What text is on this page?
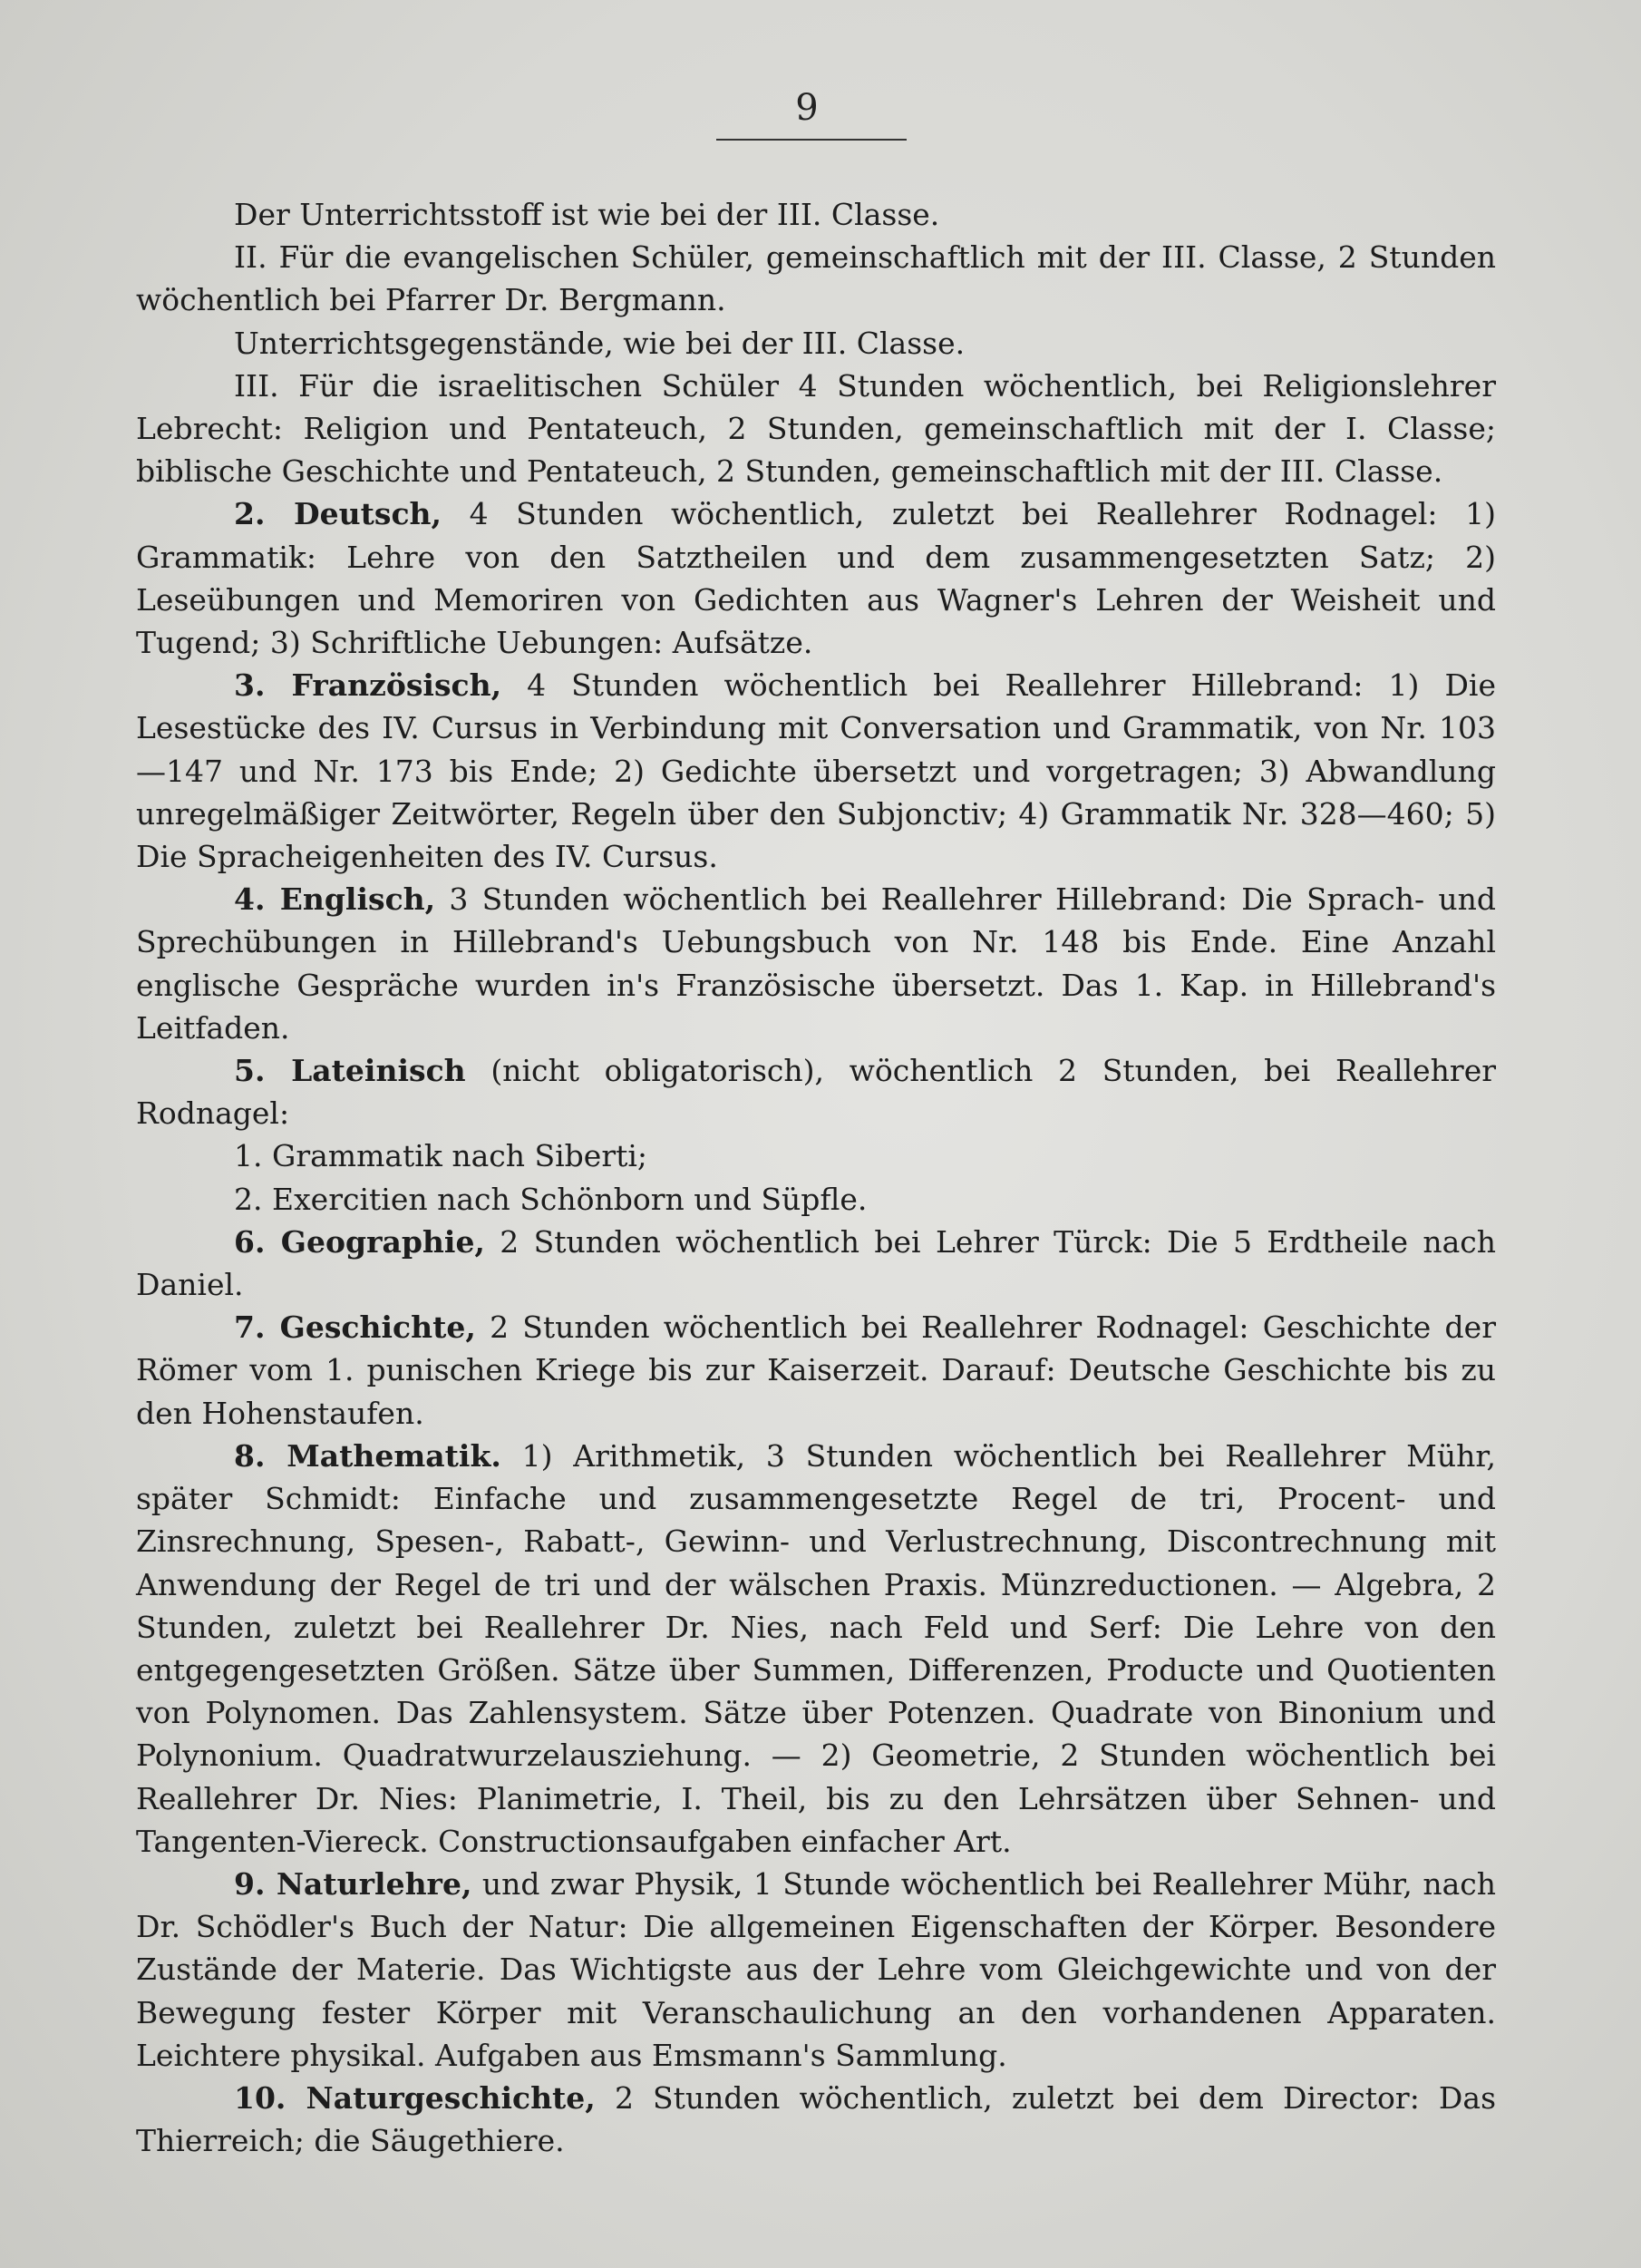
9

Der Unterrichtsstoff ist wie bei der III. Classe.

II. Für die evangelischen Schüler, gemeinschaftlich mit der III. Classe, 2 Stunden wöchentlich bei Pfarrer Dr. Bergmann.

Unterrichtsgegenstände, wie bei der III. Classe.

III. Für die israelitischen Schüler 4 Stunden wöchentlich, bei Religionslehrer Lebrecht: Religion und Pentateuch, 2 Stunden, gemeinschaftlich mit der I. Classe; biblische Geschichte und Pentateuch, 2 Stunden, gemeinschaftlich mit der III. Classe.

2. Deutsch, 4 Stunden wöchentlich, zuletzt bei Reallehrer Rodnagel: 1) Grammatik: Lehre von den Satztheilen und dem zusammengesetzten Satz; 2) Leseübungen und Memoriren von Gedichten aus Wagner's Lehren der Weisheit und Tugend; 3) Schriftliche Uebungen: Aufsätze.

3. Französisch, 4 Stunden wöchentlich bei Reallehrer Hillebrand: 1) Die Lesestücke des IV. Cursus in Verbindung mit Conversation und Grammatik, von Nr. 103—147 und Nr. 173 bis Ende; 2) Gedichte übersetzt und vorgetragen; 3) Abwandlung unregelmäßiger Zeitwörter, Regeln über den Subjonctiv; 4) Grammatik Nr. 328—460; 5) Die Spracheigenheiten des IV. Cursus.

4. Englisch, 3 Stunden wöchentlich bei Reallehrer Hillebrand: Die Sprach- und Sprechübungen in Hillebrand's Uebungsbuch von Nr. 148 bis Ende. Eine Anzahl englische Gespräche wurden in's Französische übersetzt. Das 1. Kap. in Hillebrand's Leitfaden.

5. Lateinisch (nicht obligatorisch), wöchentlich 2 Stunden, bei Reallehrer Rodnagel:

1. Grammatik nach Siberti;
2. Exercitien nach Schönborn und Süpfle.

6. Geographie, 2 Stunden wöchentlich bei Lehrer Türck: Die 5 Erdtheile nach Daniel.

7. Geschichte, 2 Stunden wöchentlich bei Reallehrer Rodnagel: Geschichte der Römer vom 1. punischen Kriege bis zur Kaiserzeit. Darauf: Deutsche Geschichte bis zu den Hohenstaufen.

8. Mathematik. 1) Arithmetik, 3 Stunden wöchentlich bei Reallehrer Mühr, später Schmidt: Einfache und zusammengesetzte Regel de tri, Procent- und Zinsrechnung, Spesen-, Rabatt-, Gewinn- und Verlustrechnung, Discontrechnung mit Anwendung der Regel de tri und der wälschen Praxis. Münzreductionen. — Algebra, 2 Stunden, zuletzt bei Reallehrer Dr. Nies, nach Feld und Serf: Die Lehre von den entgegengesetzten Größen. Sätze über Summen, Differenzen, Producte und Quotienten von Polynomen. Das Zahlensystem. Sätze über Potenzen. Quadrate von Binonium und Polynonium. Quadratwurzelausziehung. — 2) Geometrie, 2 Stunden wöchentlich bei Reallehrer Dr. Nies: Planimetrie, I. Theil, bis zu den Lehrsätzen über Sehnen- und Tangenten-Viereck. Constructionsaufgaben einfacher Art.

9. Naturlehre, und zwar Physik, 1 Stunde wöchentlich bei Reallehrer Mühr, nach Dr. Schödler's Buch der Natur: Die allgemeinen Eigenschaften der Körper. Besondere Zustände der Materie. Das Wichtigste aus der Lehre vom Gleichgewichte und von der Bewegung fester Körper mit Veranschaulichung an den vorhandenen Apparaten. Leichtere physikal. Aufgaben aus Emsmann's Sammlung.

10. Naturgeschichte, 2 Stunden wöchentlich, zuletzt bei dem Director: Das Thierreich; die Säugethiere.
